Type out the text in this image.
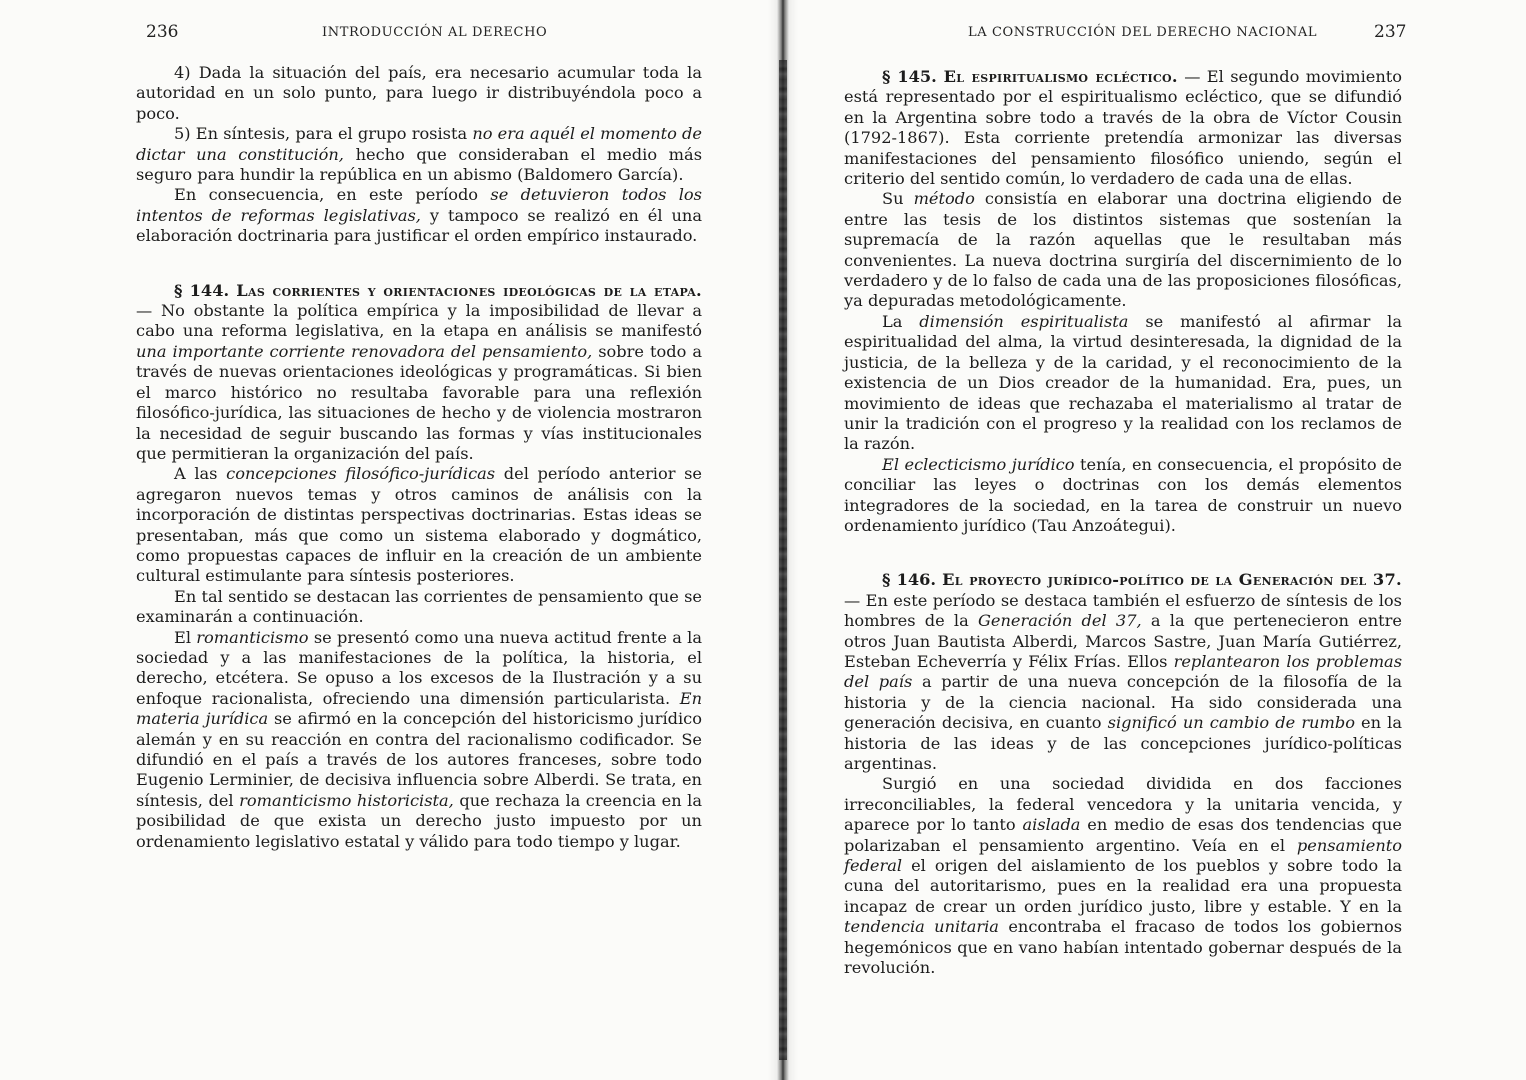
236	INTRODUCCIÓN AL DERECHO

4) Dada la situación del país, era necesario acumular toda la autoridad en un solo punto, para luego ir distribuyéndola poco a poco.

5) En síntesis, para el grupo rosista no era aquél el momento de dictar una constitución, hecho que consideraban el medio más seguro para hundir la república en un abismo (Baldomero García).

En consecuencia, en este período se detuvieron todos los intentos de reformas legislativas, y tampoco se realizó en él una elaboración doctrinaria para justificar el orden empírico instaurado.

§ 144. Las corrientes y orientaciones ideológicas de la etapa. — No obstante la política empírica y la imposibilidad de llevar a cabo una reforma legislativa, en la etapa en análisis se manifestó una importante corriente renovadora del pensamiento, sobre todo a través de nuevas orientaciones ideológicas y programáticas. Si bien el marco histórico no resultaba favorable para una reflexión filosófico-jurídica, las situaciones de hecho y de violencia mostraron la necesidad de seguir buscando las formas y vías institucionales que permitieran la organización del país.

A las concepciones filosófico-jurídicas del período anterior se agregaron nuevos temas y otros caminos de análisis con la incorporación de distintas perspectivas doctrinarias. Estas ideas se presentaban, más que como un sistema elaborado y dogmático, como propuestas capaces de influir en la creación de un ambiente cultural estimulante para síntesis posteriores.

En tal sentido se destacan las corrientes de pensamiento que se examinarán a continuación.

El romanticismo se presentó como una nueva actitud frente a la sociedad y a las manifestaciones de la política, la historia, el derecho, etcétera. Se opuso a los excesos de la Ilustración y a su enfoque racionalista, ofreciendo una dimensión particularista. En materia jurídica se afirmó en la concepción del historicismo jurídico alemán y en su reacción en contra del racionalismo codificador. Se difundió en el país a través de los autores franceses, sobre todo Eugenio Lerminier, de decisiva influencia sobre Alberdi. Se trata, en síntesis, del romanticismo historicista, que rechaza la creencia en la posibilidad de que exista un derecho justo impuesto por un ordenamiento legislativo estatal y válido para todo tiempo y lugar.

237
LA CONSTRUCCIÓN DEL DERECHO NACIONAL

§ 145. El espiritualismo ecléctico. — El segundo movimiento está representado por el espiritualismo ecléctico, que se difundió en la Argentina sobre todo a través de la obra de Víctor Cousin (1792-1867). Esta corriente pretendía armonizar las diversas manifestaciones del pensamiento filosófico uniendo, según el criterio del sentido común, lo verdadero de cada una de ellas.

Su método consistía en elaborar una doctrina eligiendo de entre las tesis de los distintos sistemas que sostenían la supremacía de la razón aquellas que le resultaban más convenientes. La nueva doctrina surgiría del discernimiento de lo verdadero y de lo falso de cada una de las proposiciones filosóficas, ya depuradas metodológicamente.

La dimensión espiritualista se manifestó al afirmar la espiritualidad del alma, la virtud desinteresada, la dignidad de la justicia, de la belleza y de la caridad, y el reconocimiento de la existencia de un Dios creador de la humanidad. Era, pues, un movimiento de ideas que rechazaba el materialismo al tratar de unir la tradición con el progreso y la realidad con los reclamos de la razón.

El eclecticismo jurídico tenía, en consecuencia, el propósito de conciliar las leyes o doctrinas con los demás elementos integradores de la sociedad, en la tarea de construir un nuevo ordenamiento jurídico (Tau Anzoátegui).

§ 146. El proyecto jurídico-político de la Generación del 37. — En este período se destaca también el esfuerzo de síntesis de los hombres de la Generación del 37, a la que pertenecieron entre otros Juan Bautista Alberdi, Marcos Sastre, Juan María Gutiérrez, Esteban Echeverría y Félix Frías. Ellos replantearon los problemas del país a partir de una nueva concepción de la filosofía de la historia y de la ciencia nacional. Ha sido considerada una generación decisiva, en cuanto significó un cambio de rumbo en la historia de las ideas y de las concepciones jurídico-políticas argentinas.

Surgió en una sociedad dividida en dos facciones irreconciliables, la federal vencedora y la unitaria vencida, y aparece por lo tanto aislada en medio de esas dos tendencias que polarizaban el pensamiento argentino. Veía en el pensamiento federal el origen del aislamiento de los pueblos y sobre todo la cuna del autoritarismo, pues en la realidad era una propuesta incapaz de crear un orden jurídico justo, libre y estable. Y en la tendencia unitaria encontraba el fracaso de todos los gobiernos hegemónicos que en vano habían intentado gobernar después de la revolución.
